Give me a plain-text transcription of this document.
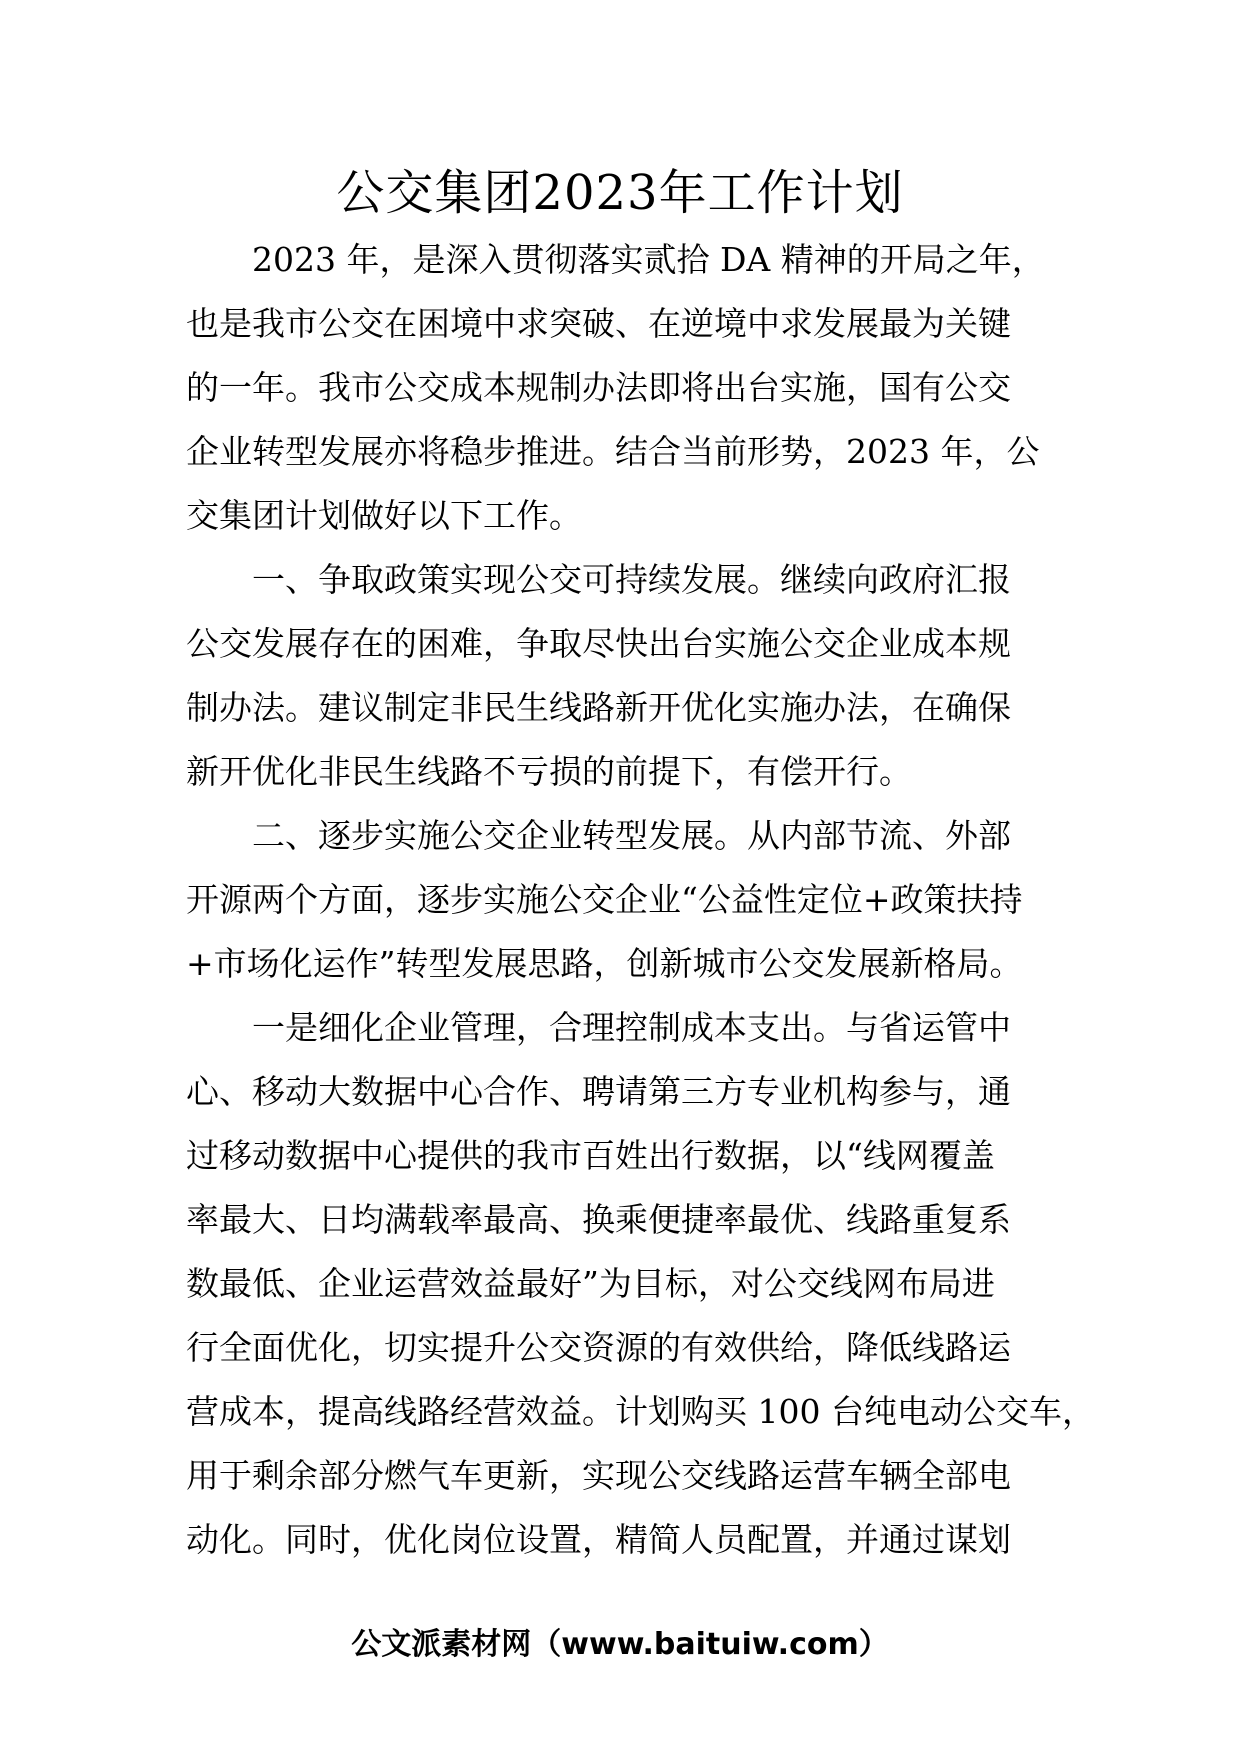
公交集团2023年工作计划

2023 年，是深入贯彻落实贰拾 DA 精神的开局之年，
也是我市公交在困境中求突破、在逆境中求发展最为关键
的一年。我市公交成本规制办法即将出台实施，国有公交
企业转型发展亦将稳步推进。结合当前形势，2023 年，公
交集团计划做好以下工作。

一、争取政策实现公交可持续发展。继续向政府汇报
公交发展存在的困难，争取尽快出台实施公交企业成本规
制办法。建议制定非民生线路新开优化实施办法，在确保
新开优化非民生线路不亏损的前提下，有偿开行。

二、逐步实施公交企业转型发展。从内部节流、外部
开源两个方面，逐步实施公交企业“公益性定位+政策扶持
+市场化运作”转型发展思路，创新城市公交发展新格局。

一是细化企业管理，合理控制成本支出。与省运管中
心、移动大数据中心合作、聘请第三方专业机构参与，通
过移动数据中心提供的我市百姓出行数据，以“线网覆盖
率最大、日均满载率最高、换乘便捷率最优、线路重复系
数最低、企业运营效益最好”为目标，对公交线网布局进
行全面优化，切实提升公交资源的有效供给，降低线路运
营成本，提高线路经营效益。计划购买 100 台纯电动公交车，
用于剩余部分燃气车更新，实现公交线路运营车辆全部电
动化。同时，优化岗位设置，精简人员配置，并通过谋划

公文派素材网（www.baituiw.com）
